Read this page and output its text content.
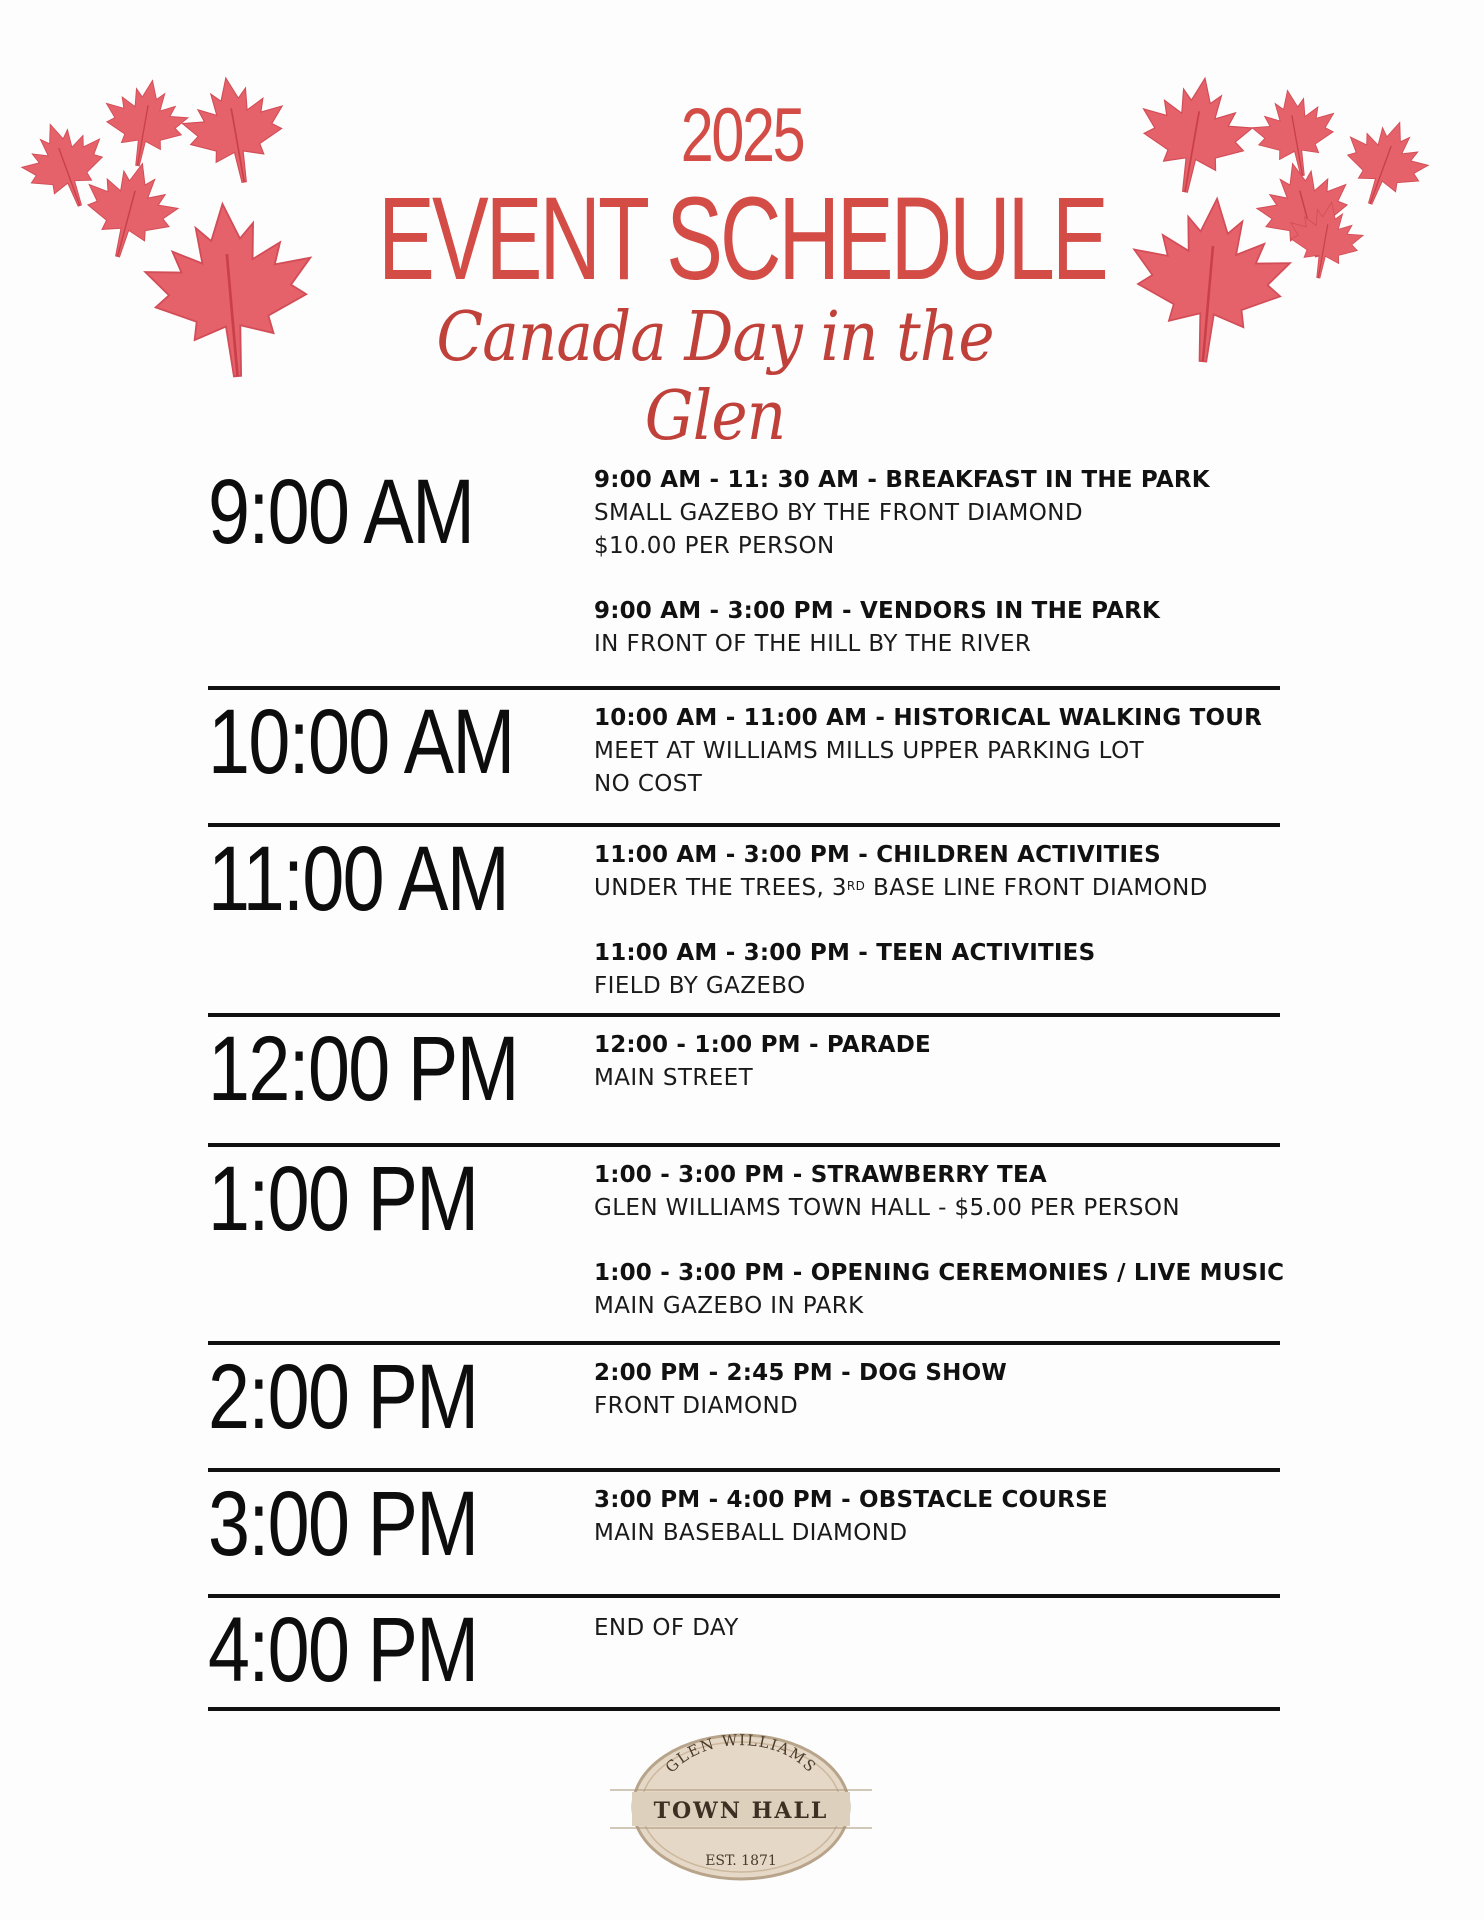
2025
EVENT SCHEDULE
Canada Day in the Glen
9:00 AM	9:00 AM - 11: 30 AM - BREAKFAST IN THE PARK
SMALL GAZEBO BY THE FRONT DIAMOND
$10.00 PER PERSON
9:00 AM - 3:00 PM - VENDORS IN THE PARK
IN FRONT OF THE HILL BY THE RIVER
10:00 AM	10:00 AM - 11:00 AM - HISTORICAL WALKING TOUR
MEET AT WILLIAMS MILLS UPPER PARKING LOT
NO COST
11:00 AM	11:00 AM - 3:00 PM - CHILDREN ACTIVITIES
UNDER THE TREES, 3RD BASE LINE FRONT DIAMOND
11:00 AM - 3:00 PM - TEEN ACTIVITIES
FIELD BY GAZEBO
12:00 PM	12:00 - 1:00 PM - PARADE
MAIN STREET
1:00 PM	1:00 - 3:00 PM - STRAWBERRY TEA
GLEN WILLIAMS TOWN HALL - $5.00 PER PERSON
1:00 - 3:00 PM - OPENING CEREMONIES / LIVE MUSIC
MAIN GAZEBO IN PARK
2:00 PM	2:00 PM - 2:45 PM - DOG SHOW
FRONT DIAMOND
3:00 PM	3:00 PM - 4:00 PM - OBSTACLE COURSE
MAIN BASEBALL DIAMOND
4:00 PM	END OF DAY
GLEN WILLIAMS
TOWN HALL
EST. 1871
